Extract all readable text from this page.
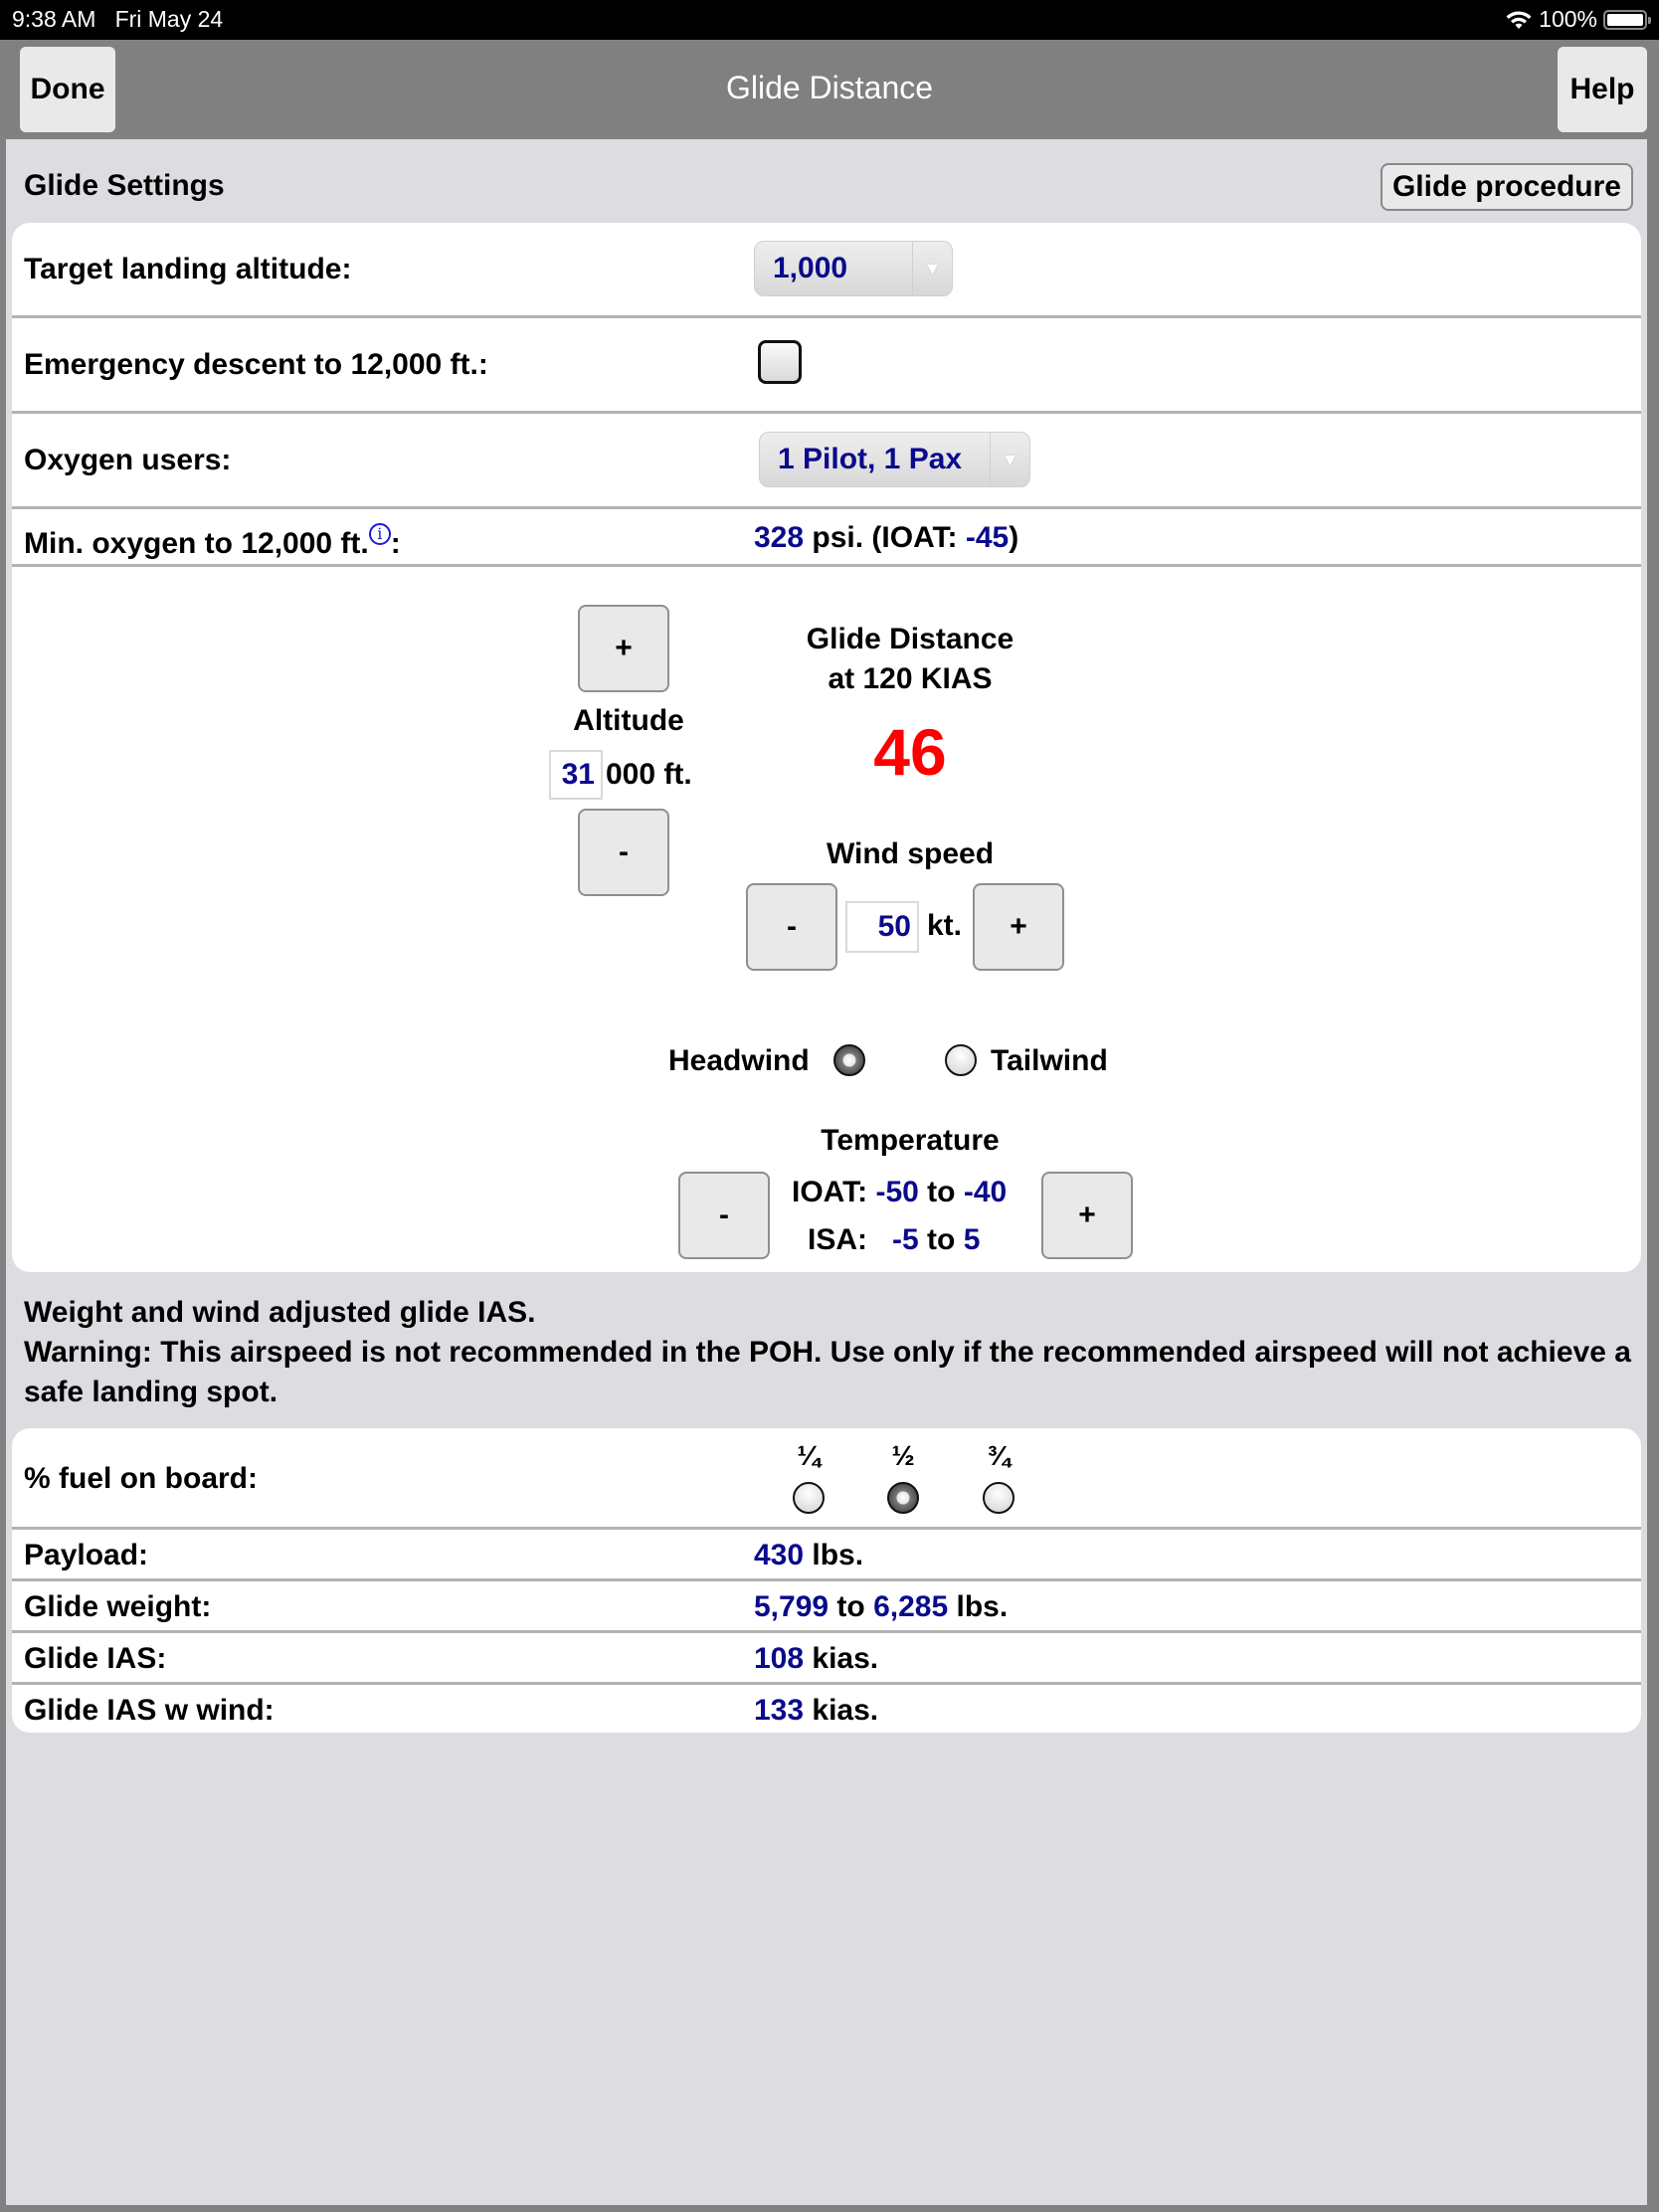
9:38 AM Fri May 24	100%
Done	Glide Distance	Help
Glide Settings	Glide procedure
Target landing altitude:	1,000	▼
Emergency descent to 12,000 ft.:
Oxygen users:	1 Pilot, 1 Pax	▼
Min. oxygen to 12,000 ft. i :	328 psi. (IOAT: -45)
+
Altitude
31 000 ft.
-
Glide Distance
at 120 KIAS
46
Wind speed
-	50 kt.	+
Headwind	Tailwind
Temperature
-
IOAT: -50 to -40
ISA: -5 to 5
+
Weight and wind adjusted glide IAS.
Warning: This airspeed is not recommended in the POH. Use only if the recommended airspeed will not achieve a safe landing spot.
% fuel on board:
¼	½	¾
Payload:	430 lbs.
Glide weight:	5,799 to 6,285 lbs.
Glide IAS:	108 kias.
Glide IAS w wind:	133 kias.
